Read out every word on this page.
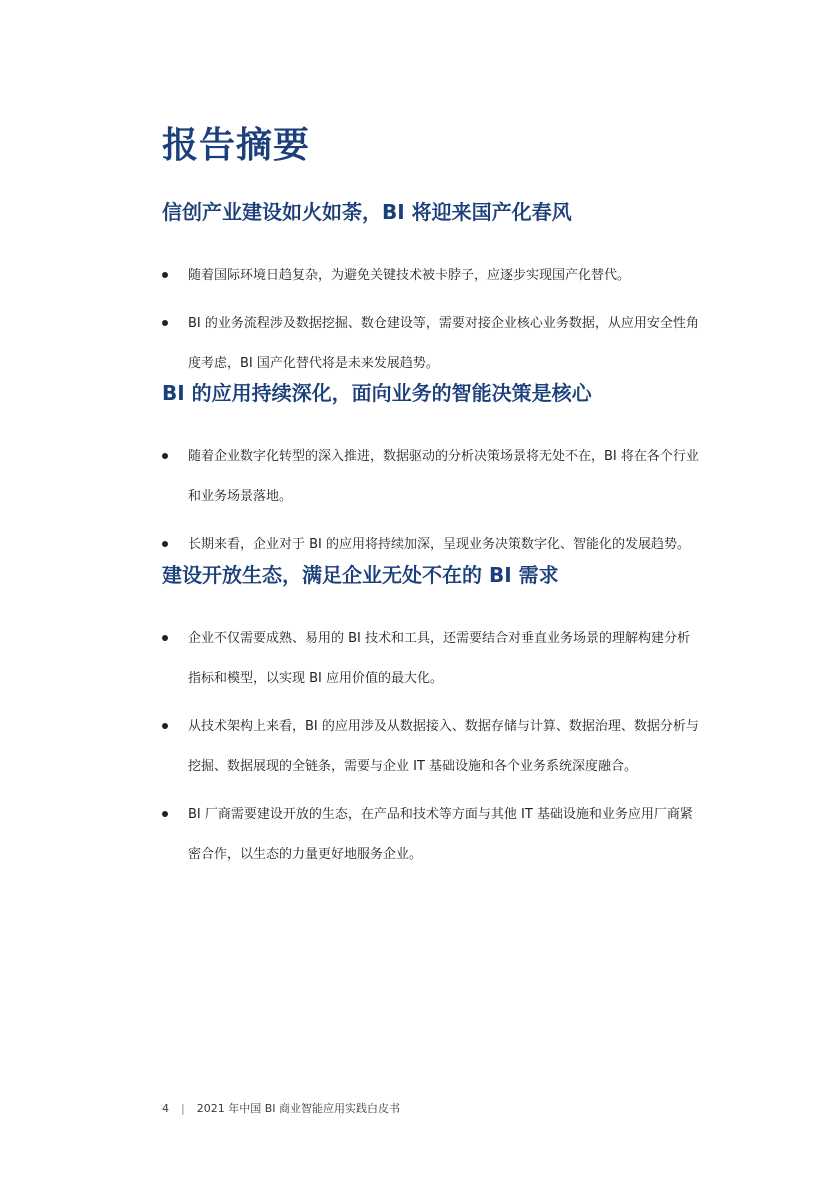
报告摘要
信创产业建设如火如荼，BI 将迎来国产化春风
随着国际环境日趋复杂，为避免关键技术被卡脖子，应逐步实现国产化替代。
BI 的业务流程涉及数据挖掘、数仓建设等，需要对接企业核心业务数据，从应用安全性角度考虑，BI 国产化替代将是未来发展趋势。
BI 的应用持续深化，面向业务的智能决策是核心
随着企业数字化转型的深入推进，数据驱动的分析决策场景将无处不在，BI 将在各个行业和业务场景落地。
长期来看，企业对于 BI 的应用将持续加深，呈现业务决策数字化、智能化的发展趋势。
建设开放生态，满足企业无处不在的 BI 需求
企业不仅需要成熟、易用的 BI 技术和工具，还需要结合对垂直业务场景的理解构建分析指标和模型，以实现 BI 应用价值的最大化。
从技术架构上来看，BI 的应用涉及从数据接入、数据存储与计算、数据治理、数据分析与挖掘、数据展现的全链条，需要与企业 IT 基础设施和各个业务系统深度融合。
BI 厂商需要建设开放的生态，在产品和技术等方面与其他 IT 基础设施和业务应用厂商紧密合作，以生态的力量更好地服务企业。
4 | 2021 年中国 BI 商业智能应用实践白皮书
